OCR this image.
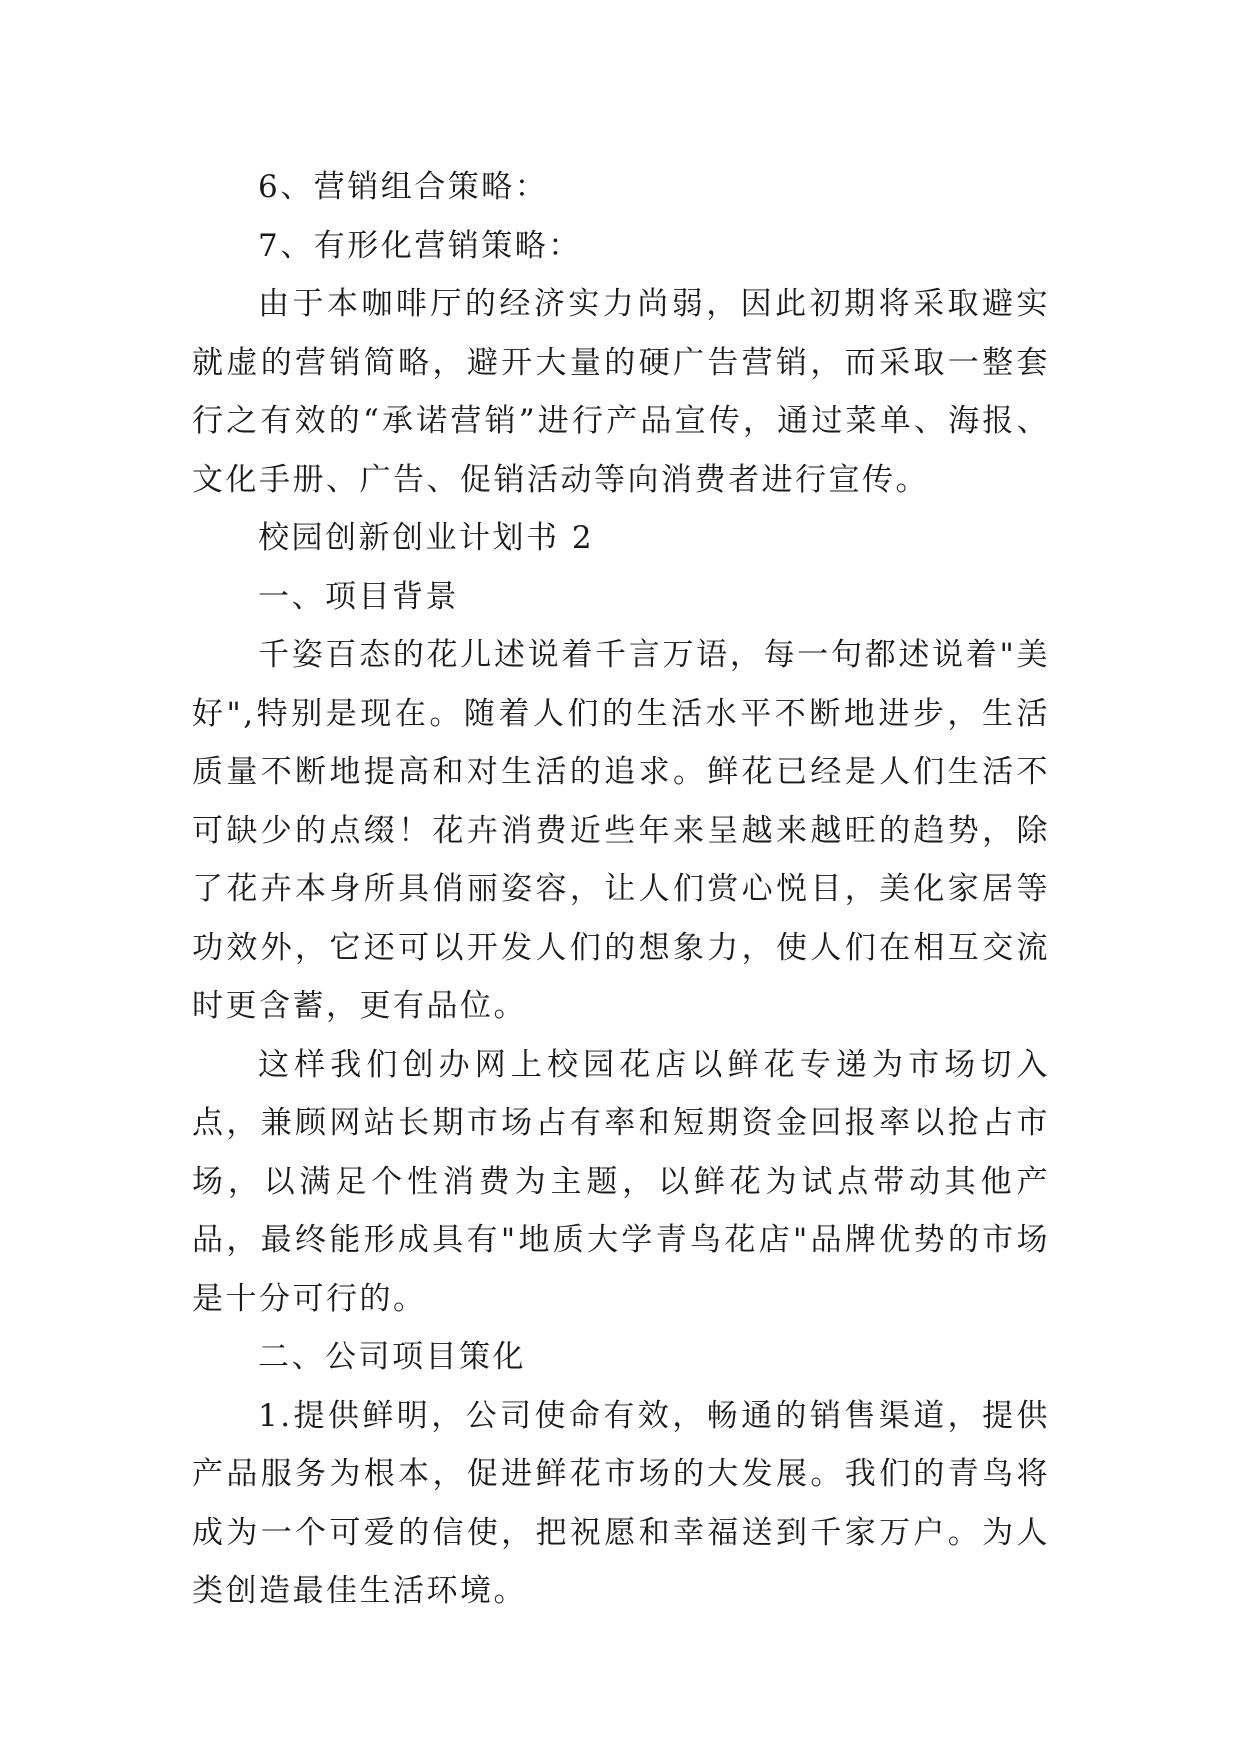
6、营销组合策略：

7、有形化营销策略：

由于本咖啡厅的经济实力尚弱，因此初期将采取避实就虚的营销简略，避开大量的硬广告营销，而采取一整套行之有效的“承诺营销”进行产品宣传，通过菜单、海报、文化手册、广告、促销活动等向消费者进行宣传。

校园创新创业计划书 2

一、项目背景

千姿百态的花儿述说着千言万语，每一句都述说着"美好",特别是现在。随着人们的生活水平不断地进步，生活质量不断地提高和对生活的追求。鲜花已经是人们生活不可缺少的点缀！花卉消费近些年来呈越来越旺的趋势，除了花卉本身所具俏丽姿容，让人们赏心悦目，美化家居等功效外，它还可以开发人们的想象力，使人们在相互交流时更含蓄，更有品位。

这样我们创办网上校园花店以鲜花专递为市场切入点，兼顾网站长期市场占有率和短期资金回报率以抢占市场，以满足个性消费为主题，以鲜花为试点带动其他产品，最终能形成具有"地质大学青鸟花店"品牌优势的市场是十分可行的。

二、公司项目策化

1.提供鲜明，公司使命有效，畅通的销售渠道，提供产品服务为根本，促进鲜花市场的大发展。我们的青鸟将成为一个可爱的信使，把祝愿和幸福送到千家万户。为人类创造最佳生活环境。
